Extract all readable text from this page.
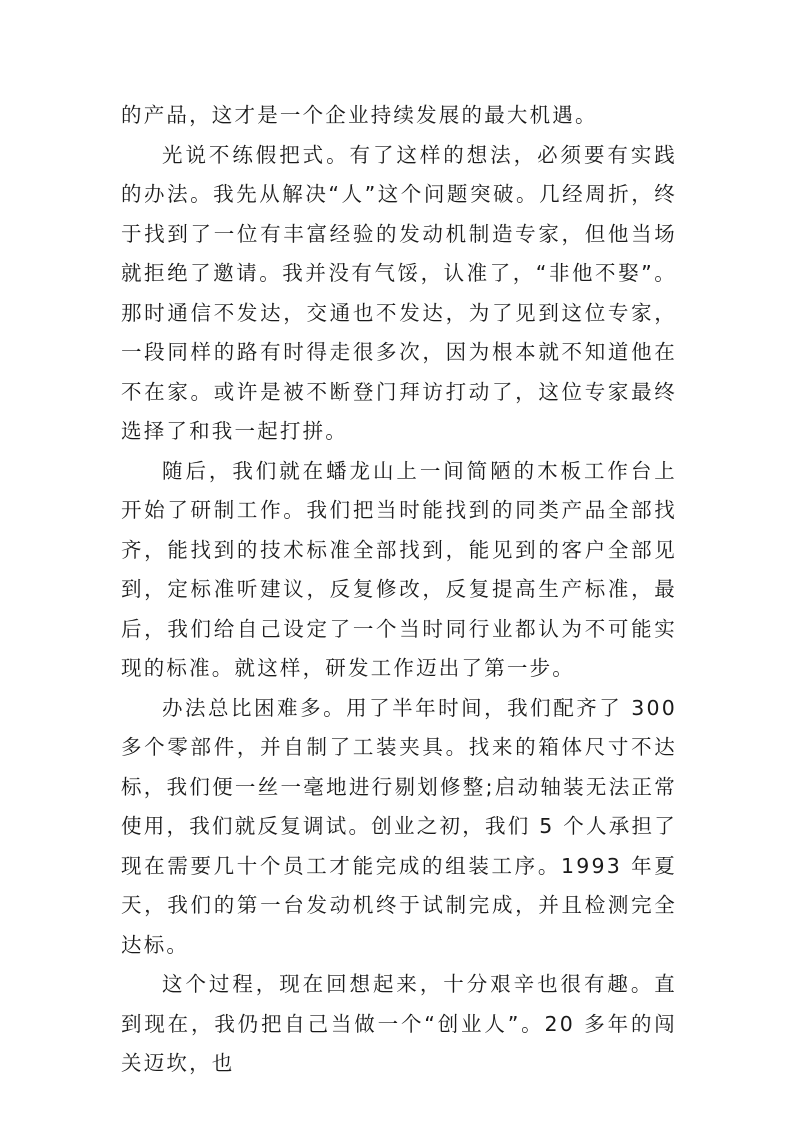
的产品，这才是一个企业持续发展的最大机遇。

光说不练假把式。有了这样的想法，必须要有实践的办法。我先从解决“人”这个问题突破。几经周折，终于找到了一位有丰富经验的发动机制造专家，但他当场就拒绝了邀请。我并没有气馁，认准了，“非他不娶”。那时通信不发达，交通也不发达，为了见到这位专家，一段同样的路有时得走很多次，因为根本就不知道他在不在家。或许是被不断登门拜访打动了，这位专家最终选择了和我一起打拼。

随后，我们就在蟠龙山上一间简陋的木板工作台上开始了研制工作。我们把当时能找到的同类产品全部找齐，能找到的技术标准全部找到，能见到的客户全部见到，定标准听建议，反复修改，反复提高生产标准，最后，我们给自己设定了一个当时同行业都认为不可能实现的标准。就这样，研发工作迈出了第一步。

办法总比困难多。用了半年时间，我们配齐了 300 多个零部件，并自制了工装夹具。找来的箱体尺寸不达标，我们便一丝一毫地进行剔划修整;启动轴装无法正常使用，我们就反复调试。创业之初，我们 5 个人承担了现在需要几十个员工才能完成的组装工序。1993 年夏天，我们的第一台发动机终于试制完成，并且检测完全达标。

这个过程，现在回想起来，十分艰辛也很有趣。直到现在，我仍把自己当做一个“创业人”。20 多年的闯关迈坎，也
